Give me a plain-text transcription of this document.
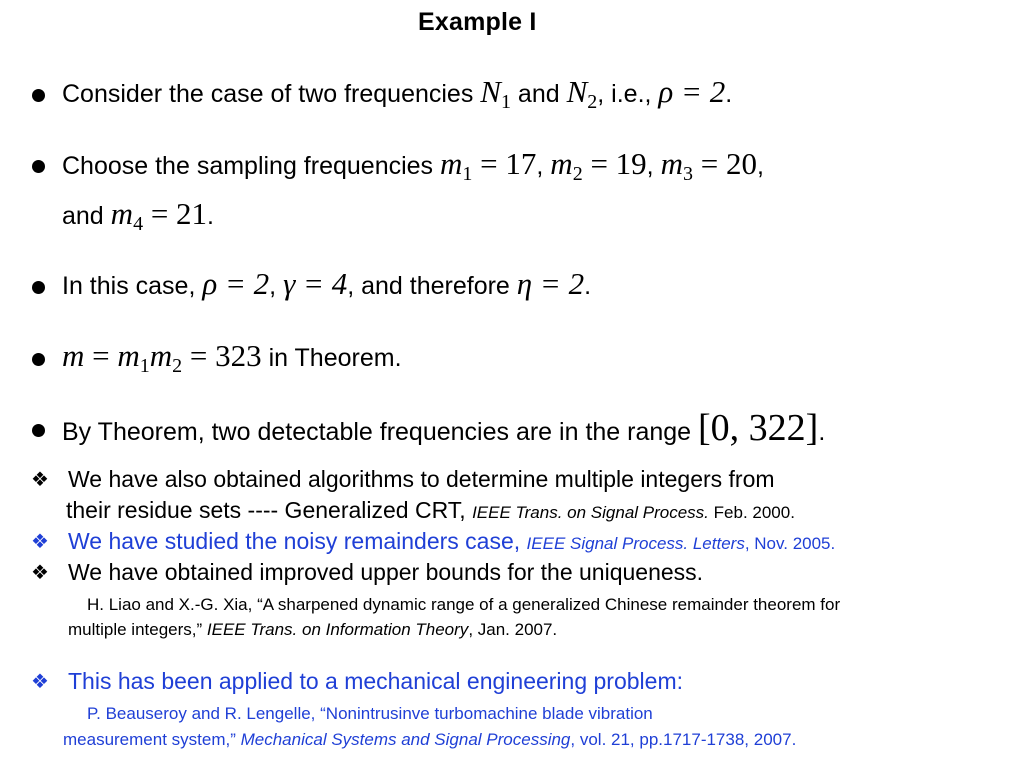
Example I
Consider the case of two frequencies $N_1$ and $N_2$, i.e., ρ = 2.
Choose the sampling frequencies $m_1 = 17$, $m_2 = 19$, $m_3 = 20$,
and $m_4 = 21$.
In this case, ρ = 2, γ = 4, and therefore η = 2.
$m = m_1m_2 = 323$ in Theorem.
By Theorem, two detectable frequencies are in the range [0, 322].
❖ We have also obtained algorithms to determine multiple integers from
their residue sets ---- Generalized CRT, IEEE Trans. on Signal Process. Feb. 2000.
❖ We have studied the noisy remainders case, IEEE Signal Process. Letters, Nov. 2005.
❖ We have obtained improved upper bounds for the uniqueness.
H. Liao and X.-G. Xia, “A sharpened dynamic range of a generalized Chinese remainder theorem for
multiple integers,” IEEE Trans. on Information Theory, Jan. 2007.
❖ This has been applied to a mechanical engineering problem:
P. Beauseroy and R. Lengelle, “Nonintrusinve turbomachine blade vibration
measurement system,” Mechanical Systems and Signal Processing, vol. 21, pp.1717-1738, 2007.
